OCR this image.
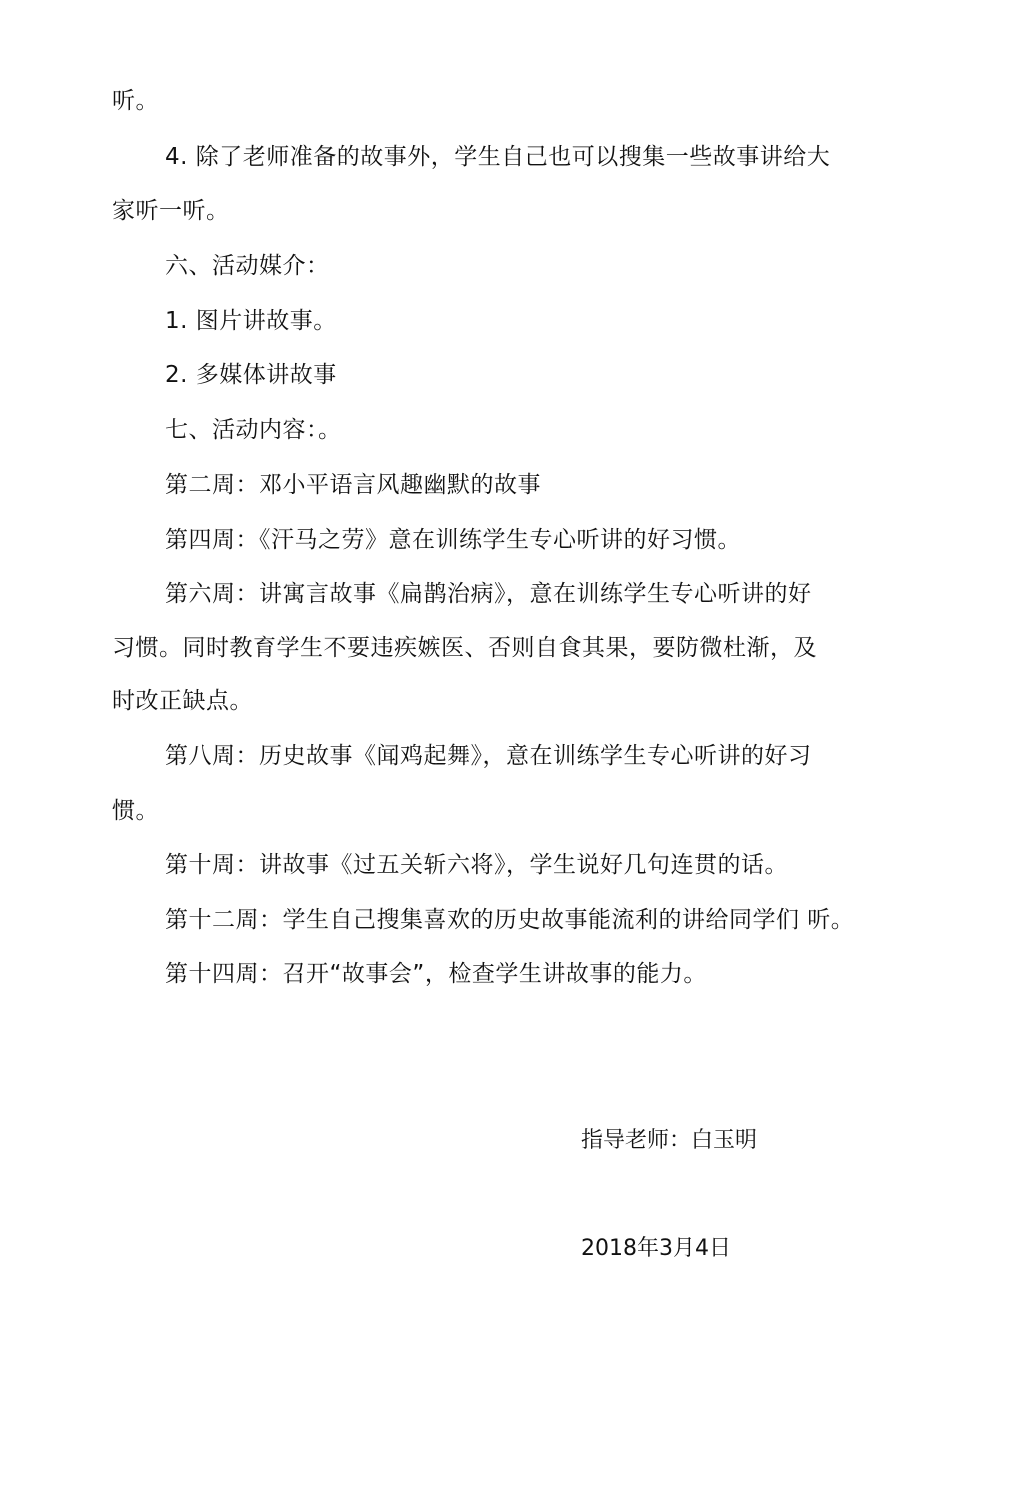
听。

4. 除了老师准备的故事外，学生自己也可以搜集一些故事讲给大

家听一听。

六、活动媒介：

1. 图片讲故事。

2. 多媒体讲故事

七、活动内容：。

第二周：邓小平语言风趣幽默的故事

第四周：《汗马之劳》意在训练学生专心听讲的好习惯。

第六周：讲寓言故事《扁鹊治病》，意在训练学生专心听讲的好

习惯。同时教育学生不要违疾嫉医、否则自食其果，要防微杜渐，及

时改正缺点。

第八周：历史故事《闻鸡起舞》，意在训练学生专心听讲的好习

惯。

第十周：讲故事《过五关斩六将》，学生说好几句连贯的话。

第十二周：学生自己搜集喜欢的历史故事能流利的讲给同学们 听。

第十四周：召开“故事会”，检查学生讲故事的能力。

指导老师：白玉明

2018年3月4日
